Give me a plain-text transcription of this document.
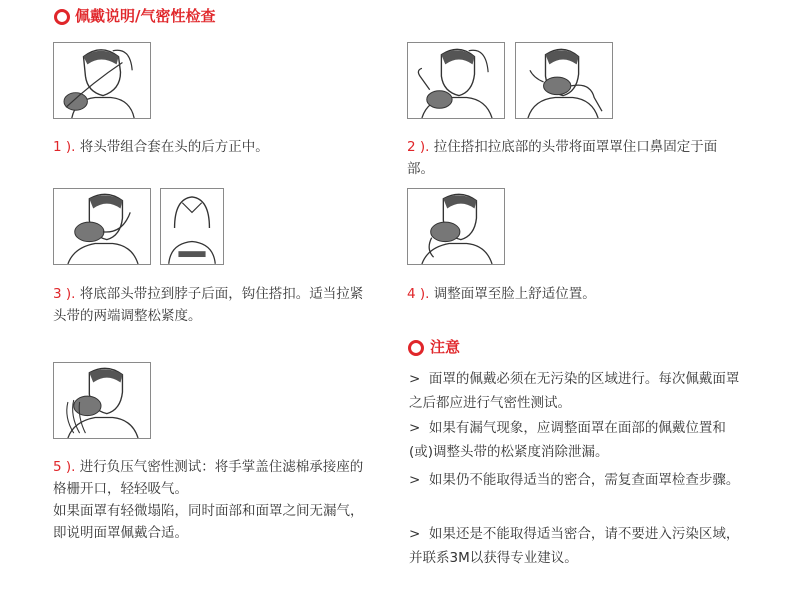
佩戴说明/气密性检查
1 ). 将头带组合套在头的后方正中。	2 ). 拉住搭扣拉底部的头带将面罩罩住口鼻固定于面部。
3 ). 将底部头带拉到脖子后面，钩住搭扣。适当拉紧头带的两端调整松紧度。
4 ). 调整面罩至脸上舒适位置。
注意
5 ). 进行负压气密性测试：将手掌盖住滤棉承接座的格栅开口，轻轻吸气。
如果面罩有轻微塌陷，同时面部和面罩之间无漏气，即说明面罩佩戴合适。
> 面罩的佩戴必须在无污染的区域进行。每次佩戴面罩之后都应进行气密性测试。
> 如果有漏气现象，应调整面罩在面部的佩戴位置和(或)调整头带的松紧度消除泄漏。
> 如果仍不能取得适当的密合，需复查面罩检查步骤。
> 如果还是不能取得适当密合，请不要进入污染区域，并联系3M以获得专业建议。
